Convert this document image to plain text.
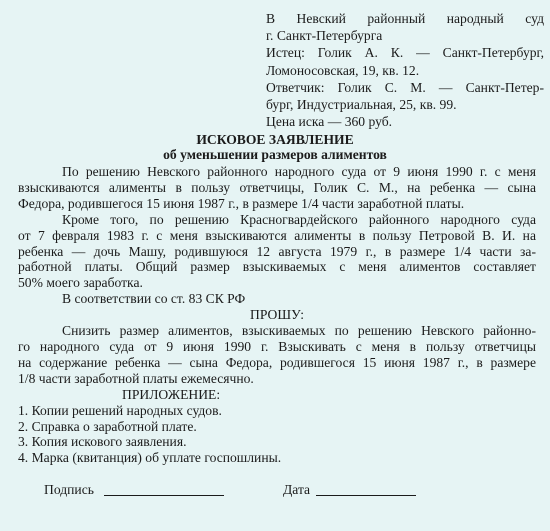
В Невский районный народный суд
г. Санкт-Петербурга
Истец: Голик А. К. — Санкт-Петербург,
Ломоносовская, 19, кв. 12.
Ответчик: Голик С. М. — Санкт-Петер-
бург, Индустриальная, 25, кв. 99.
Цена иска — 360 руб.
ИСКОВОЕ ЗАЯВЛЕНИЕ
об уменьшении размеров алиментов
По решению Невского районного народного суда от 9 июня 1990 г. с меня
взыскиваются алименты в пользу ответчицы, Голик С. М., на ребенка — сына
Федора, родившегося 15 июня 1987 г., в размере 1/4 части заработной платы.
Кроме того, по решению Красногвардейского районного народного суда
от 7 февраля 1983 г. с меня взыскиваются алименты в пользу Петровой В. И. на
ребенка — дочь Машу, родившуюся 12 августа 1979 г., в размере 1/4 части за-
работной платы. Общий размер взыскиваемых с меня алиментов составляет
50% моего заработка.
В соответствии со ст. 83 СК РФ
ПРОШУ:
Снизить размер алиментов, взыскиваемых по решению Невского районно-
го народного суда от 9 июня 1990 г. Взыскивать с меня в пользу ответчицы
на содержание ребенка — сына Федора, родившегося 15 июня 1987 г., в размере
1/8 части заработной платы ежемесячно.
ПРИЛОЖЕНИЕ:
1. Копии решений народных судов.
2. Справка о заработной плате.
3. Копия искового заявления.
4. Марка (квитанция) об уплате госпошлины.
Подпись	Дата
